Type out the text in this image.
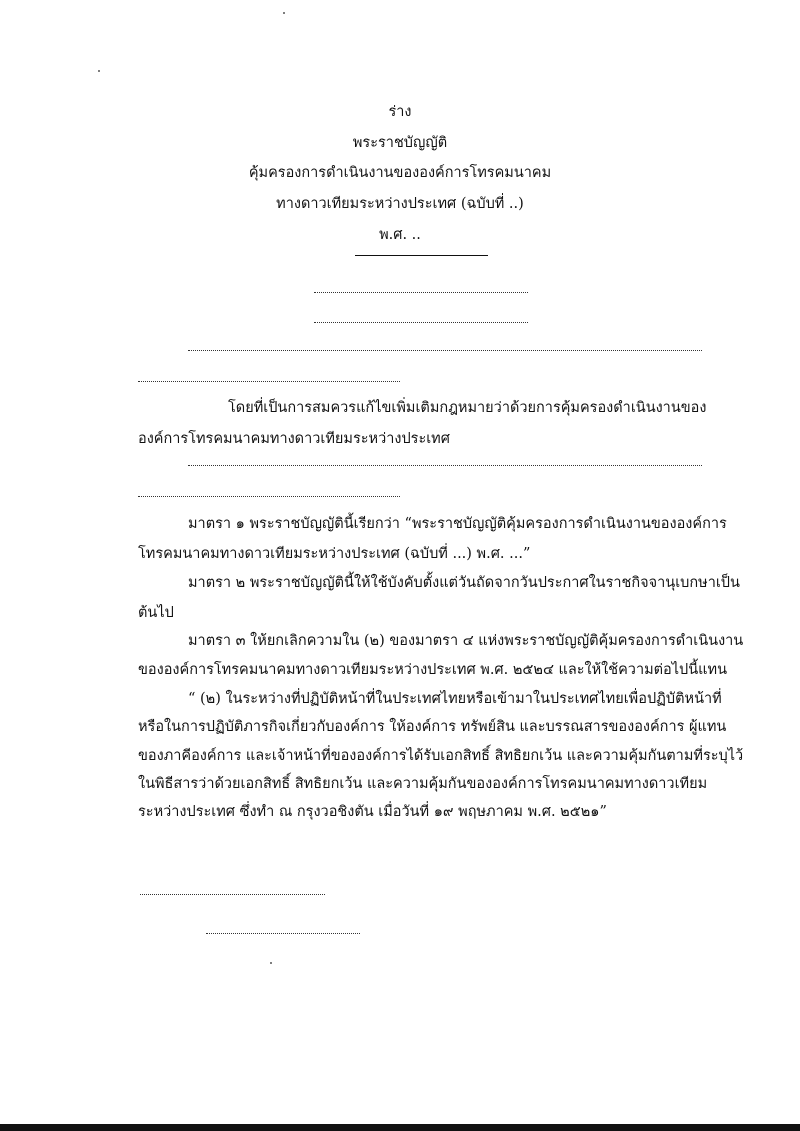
ร่าง
พระราชบัญญัติ
คุ้มครองการดำเนินงานขององค์การโทรคมนาคม
ทางดาวเทียมระหว่างประเทศ (ฉบับที่ ..)
พ.ศ. ..
โดยที่เป็นการสมควรแก้ไขเพิ่มเติมกฎหมายว่าด้วยการคุ้มครองดำเนินงานของ
องค์การโทรคมนาคมทางดาวเทียมระหว่างประเทศ
มาตรา ๑ พระราชบัญญัตินี้เรียกว่า “พระราชบัญญัติคุ้มครองการดำเนินงานขององค์การ
โทรคมนาคมทางดาวเทียมระหว่างประเทศ (ฉบับที่ ...) พ.ศ. ...”
มาตรา ๒ พระราชบัญญัตินี้ให้ใช้บังคับตั้งแต่วันถัดจากวันประกาศในราชกิจจานุเบกษาเป็น
ต้นไป
มาตรา ๓ ให้ยกเลิกความใน (๒) ของมาตรา ๔ แห่งพระราชบัญญัติคุ้มครองการดำเนินงาน
ขององค์การโทรคมนาคมทางดาวเทียมระหว่างประเทศ พ.ศ. ๒๕๒๔ และให้ใช้ความต่อไปนี้แทน
“ (๒) ในระหว่างที่ปฏิบัติหน้าที่ในประเทศไทยหรือเข้ามาในประเทศไทยเพื่อปฏิบัติหน้าที่
หรือในการปฏิบัติภารกิจเกี่ยวกับองค์การ ให้องค์การ ทรัพย์สิน และบรรณสารขององค์การ ผู้แทน
ของภาคีองค์การ และเจ้าหน้าที่ขององค์การได้รับเอกสิทธิ์ สิทธิยกเว้น และความคุ้มกันตามที่ระบุไว้
ในพิธีสารว่าด้วยเอกสิทธิ์ สิทธิยกเว้น และความคุ้มกันขององค์การโทรคมนาคมทางดาวเทียม
ระหว่างประเทศ ซึ่งทำ ณ กรุงวอชิงตัน เมื่อวันที่ ๑๙ พฤษภาคม พ.ศ. ๒๕๒๑”
